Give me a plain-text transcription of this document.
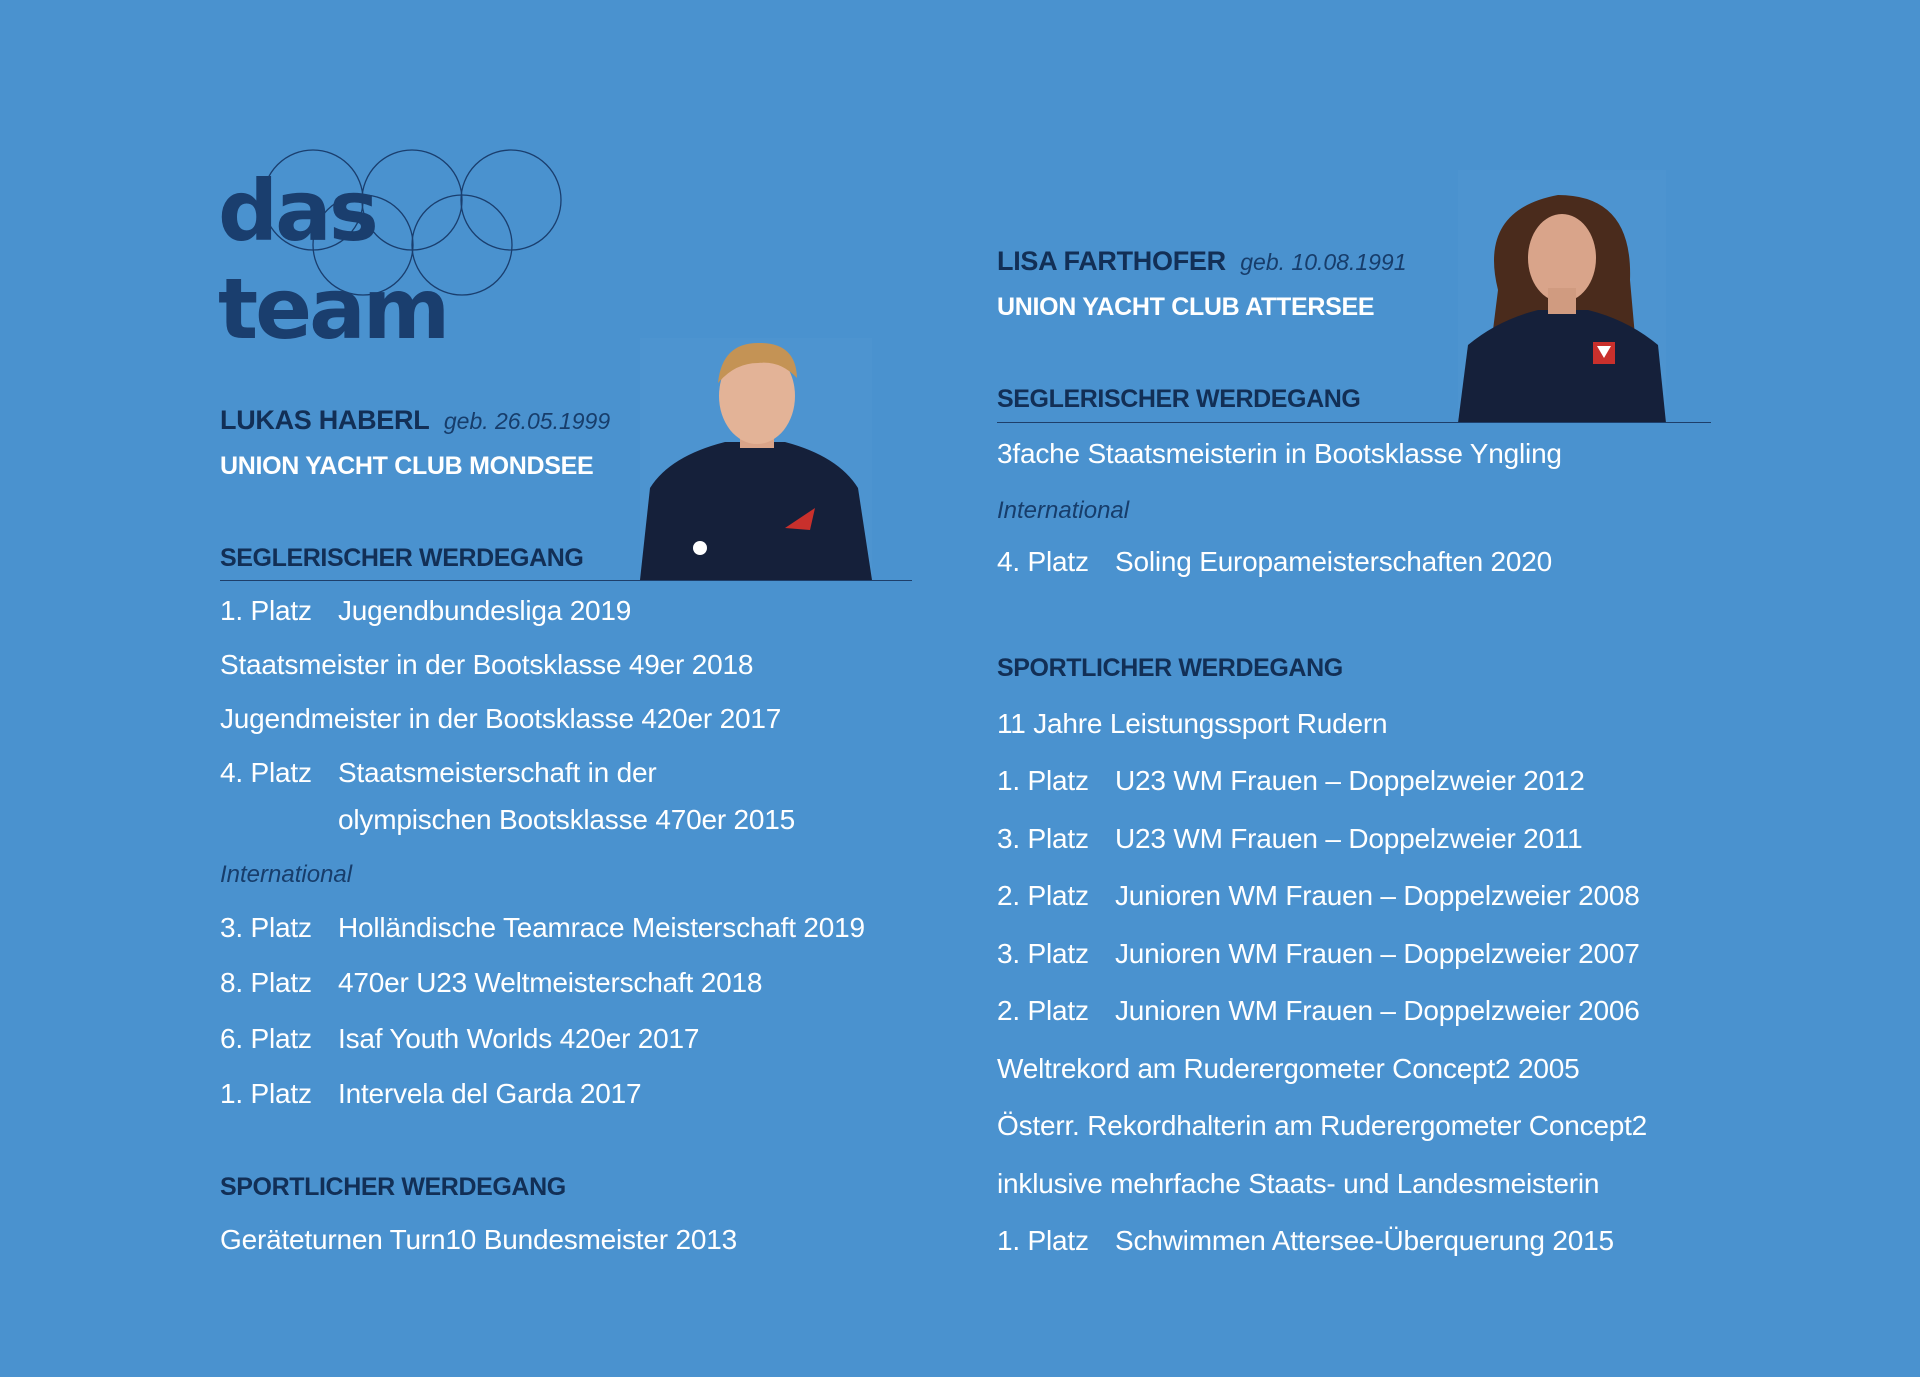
das team
LUKAS HABERL geb. 26.05.1999
UNION YACHT CLUB MONDSEE
SEGLERISCHER WERDEGANG
1. Platz Jugendbundesliga 2019
Staatsmeister in der Bootsklasse 49er 2018
Jugendmeister in der Bootsklasse 420er 2017
4. Platz Staatsmeisterschaft in der
olympischen Bootsklasse 470er 2015
International
3. Platz Holländische Teamrace Meisterschaft 2019
8. Platz 470er U23 Weltmeisterschaft 2018
6. Platz Isaf Youth Worlds 420er 2017
1. Platz Intervela del Garda 2017
SPORTLICHER WERDEGANG
Geräteturnen Turn10 Bundesmeister 2013
LISA FARTHOFER geb. 10.08.1991
UNION YACHT CLUB ATTERSEE
SEGLERISCHER WERDEGANG
3fache Staatsmeisterin in Bootsklasse Yngling
International
4. Platz Soling Europameisterschaften 2020
SPORTLICHER WERDEGANG
11 Jahre Leistungssport Rudern
1. Platz U23 WM Frauen – Doppelzweier 2012
3. Platz U23 WM Frauen – Doppelzweier 2011
2. Platz Junioren WM Frauen – Doppelzweier 2008
3. Platz Junioren WM Frauen – Doppelzweier 2007
2. Platz Junioren WM Frauen – Doppelzweier 2006
Weltrekord am Ruderergometer Concept2 2005
Österr. Rekordhalterin am Ruderergometer Concept2
inklusive mehrfache Staats- und Landesmeisterin
1. Platz Schwimmen Attersee-Überquerung 2015
